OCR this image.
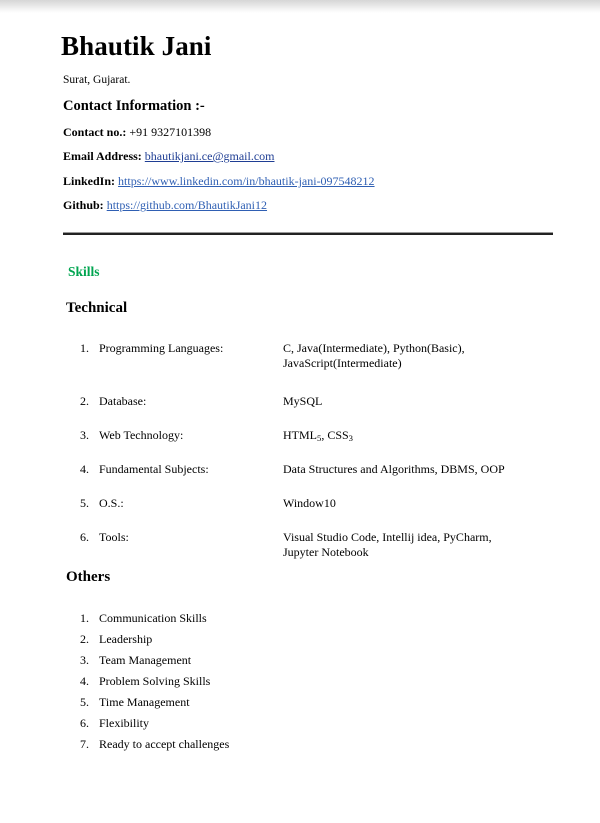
Bhautik Jani
Surat, Gujarat.
Contact Information :-
Contact no.: +91 9327101398
Email Address: bhautikjani.ce@gmail.com
LinkedIn: https://www.linkedin.com/in/bhautik-jani-097548212
Github: https://github.com/BhautikJani12
Skills
Technical
1. Programming Languages:	C, Java(Intermediate), Python(Basic),
JavaScript(Intermediate)
2. Database:	MySQL
3. Web Technology:	$HTML_5$, $CSS_3$
4. Fundamental Subjects:	Data Structures and Algorithms, DBMS, OOP
5. O.S.:	Window10
6. Tools:	Visual Studio Code, Intellij idea, PyCharm,
Jupyter Notebook
Others
1. Communication Skills
2. Leadership
3. Team Management
4. Problem Solving Skills
5. Time Management
6. Flexibility
7. Ready to accept challenges
